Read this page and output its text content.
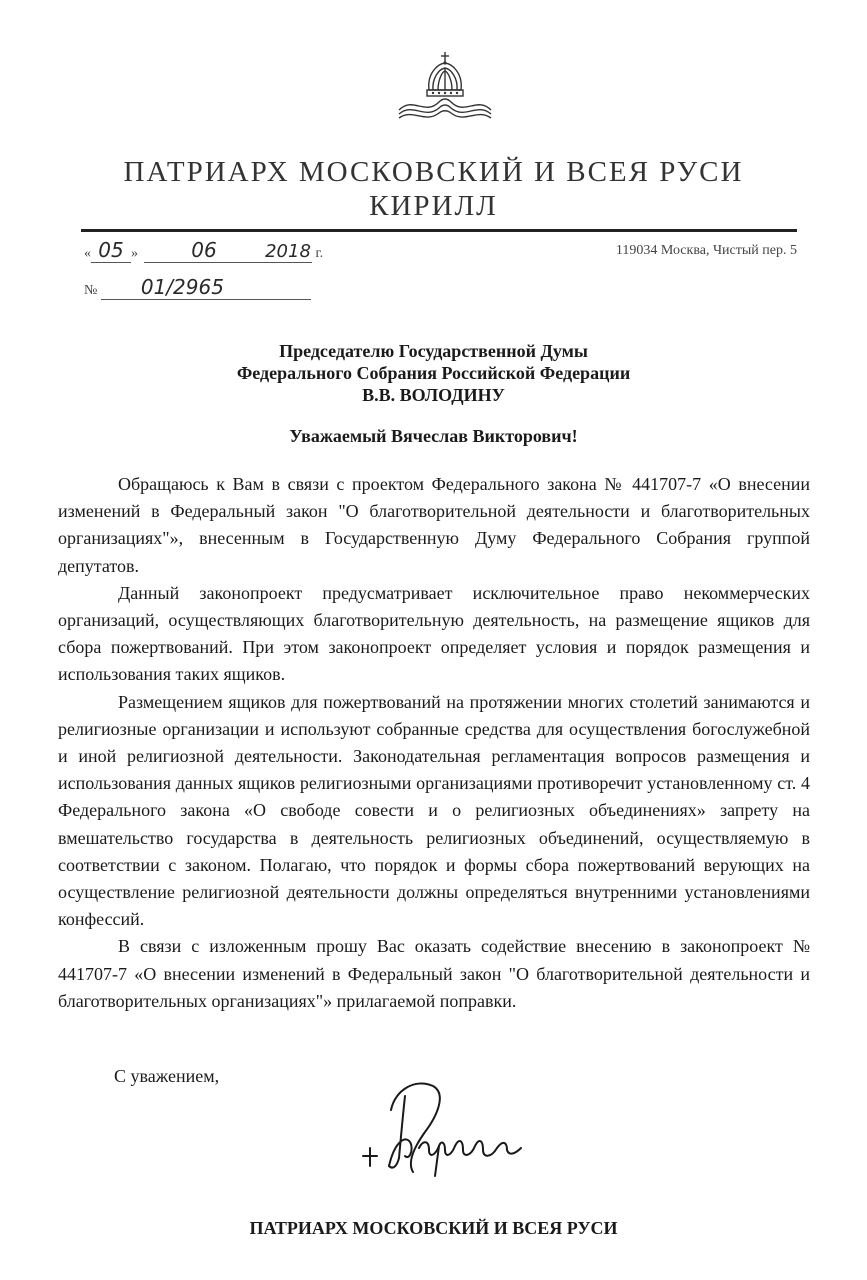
ПАТРИАРХ МОСКОВСКИЙ И ВСЕЯ РУСИ
КИРИЛЛ
« 05 »	06	2018 г.	119034 Москва, Чистый пер. 5
№ 01/2965
Председателю Государственной Думы
Федерального Собрания Российской Федерации
В.В. ВОЛОДИНУ
Уважаемый Вячеслав Викторович!

Обращаюсь к Вам в связи с проектом Федерального закона № 441707-7 «О внесении изменений в Федеральный закон "О благотворительной деятельности и благотворительных организациях"», внесенным в Государственную Думу Федерального Собрания группой депутатов.

Данный законопроект предусматривает исключительное право некоммерческих организаций, осуществляющих благотворительную деятельность, на размещение ящиков для сбора пожертвований. При этом законопроект определяет условия и порядок размещения и использования таких ящиков.

Размещением ящиков для пожертвований на протяжении многих столетий занимаются и религиозные организации и используют собранные средства для осуществления богослужебной и иной религиозной деятельности. Законодательная регламентация вопросов размещения и использования данных ящиков религиозными организациями противоречит установленному ст. 4 Федерального закона «О свободе совести и о религиозных объединениях» запрету на вмешательство государства в деятельность религиозных объединений, осуществляемую в соответствии с законом. Полагаю, что порядок и формы сбора пожертвований верующих на осуществление религиозной деятельности должны определяться внутренними установлениями конфессий.

В связи с изложенным прошу Вас оказать содействие внесению в законопроект № 441707-7 «О внесении изменений в Федеральный закон "О благотворительной деятельности и благотворительных организациях"» прилагаемой поправки.

С уважением,
ПАТРИАРХ МОСКОВСКИЙ И ВСЕЯ РУСИ
